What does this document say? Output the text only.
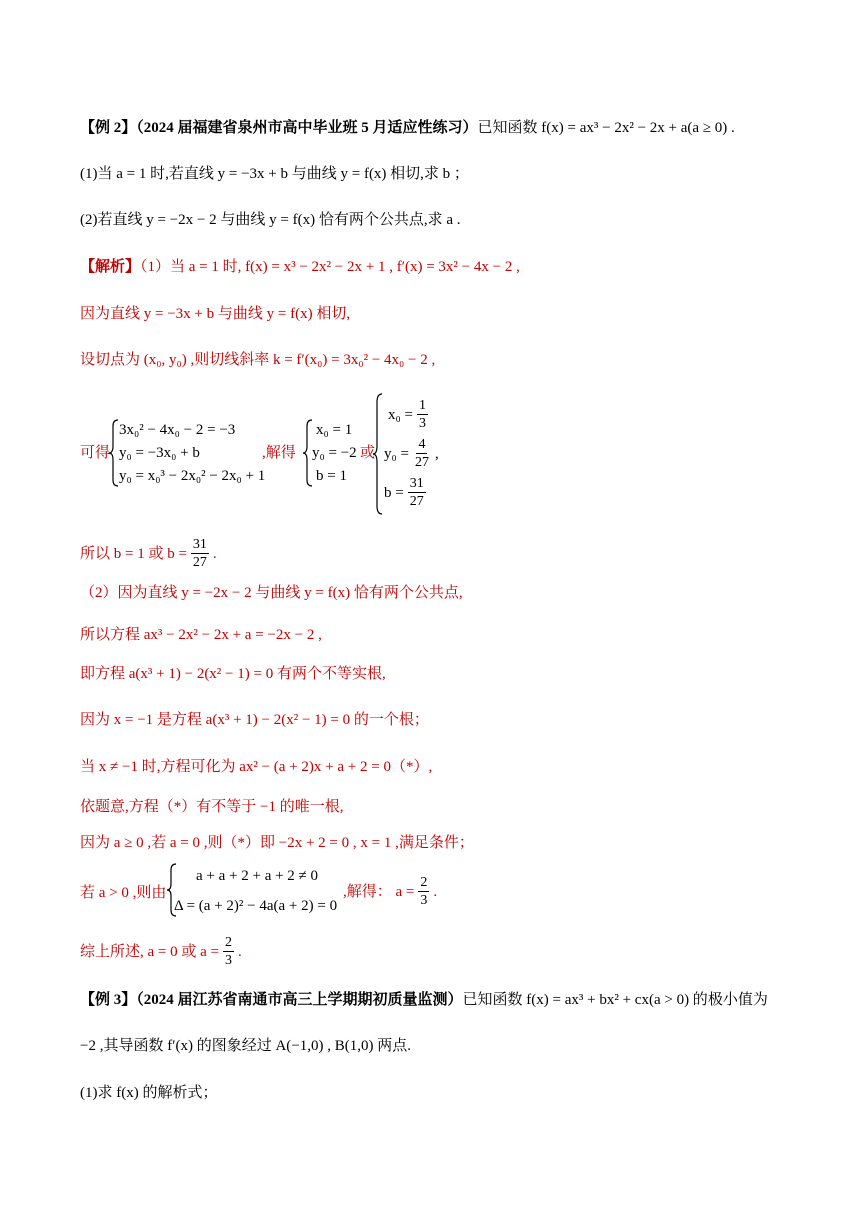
【例 2】（2024 届福建省泉州市高中毕业班 5 月适应性练习）已知函数 f(x) = ax³ − 2x² − 2x + a(a ≥ 0) .
(1)当 a = 1 时,若直线 y = −3x + b 与曲线 y = f(x) 相切,求 b ；
(2)若直线 y = −2x − 2 与曲线 y = f(x) 恰有两个公共点,求 a .
【解析】（1）当 a = 1 时, f(x) = x³ − 2x² − 2x + 1 , f′(x) = 3x² − 4x − 2 ,
因为直线 y = −3x + b 与曲线 y = f(x) 相切,
设切点为 (x₀, y₀) ,则切线斜率 k = f′(x₀) = 3x₀² − 4x₀ − 2 ,
可得
3x₀² − 4x₀ − 2 = −3
y₀ = −3x₀ + b
y₀ = x₀³ − 2x₀² − 2x₀ + 1
,解得
x₀ = 1
y₀ = −2
b = 1
或
$x_0 = \frac{1}{3}$
$y_0 = \frac{4}{27}$ ,
$b = \frac{31}{27}$
所以 b = 1 或 $b = \frac{31}{27}$ .
（2）因为直线 y = −2x − 2 与曲线 y = f(x) 恰有两个公共点,
所以方程 ax³ − 2x² − 2x + a = −2x − 2 ,
即方程 a(x³ + 1) − 2(x² − 1) = 0 有两个不等实根,
因为 x = −1 是方程 a(x³ + 1) − 2(x² − 1) = 0 的一个根；
当 x ≠ −1 时,方程可化为 ax² − (a + 2)x + a + 2 = 0（*）,
依题意,方程（*）有不等于 −1 的唯一根,
因为 a ≥ 0 ,若 a = 0 ,则（*）即 −2x + 2 = 0 , x = 1 ,满足条件；
若 a > 0 ,则由
a + a + 2 + a + 2 ≠ 0
Δ = (a + 2)² − 4a(a + 2) = 0
,解得： $a = \frac{2}{3}$ .
综上所述, a = 0 或 $a = \frac{2}{3}$ .
【例 3】（2024 届江苏省南通市高三上学期期初质量监测）已知函数 f(x) = ax³ + bx² + cx(a > 0) 的极小值为
−2 ,其导函数 f′(x) 的图象经过 A(−1,0) , B(1,0) 两点.
(1)求 f(x) 的解析式；
